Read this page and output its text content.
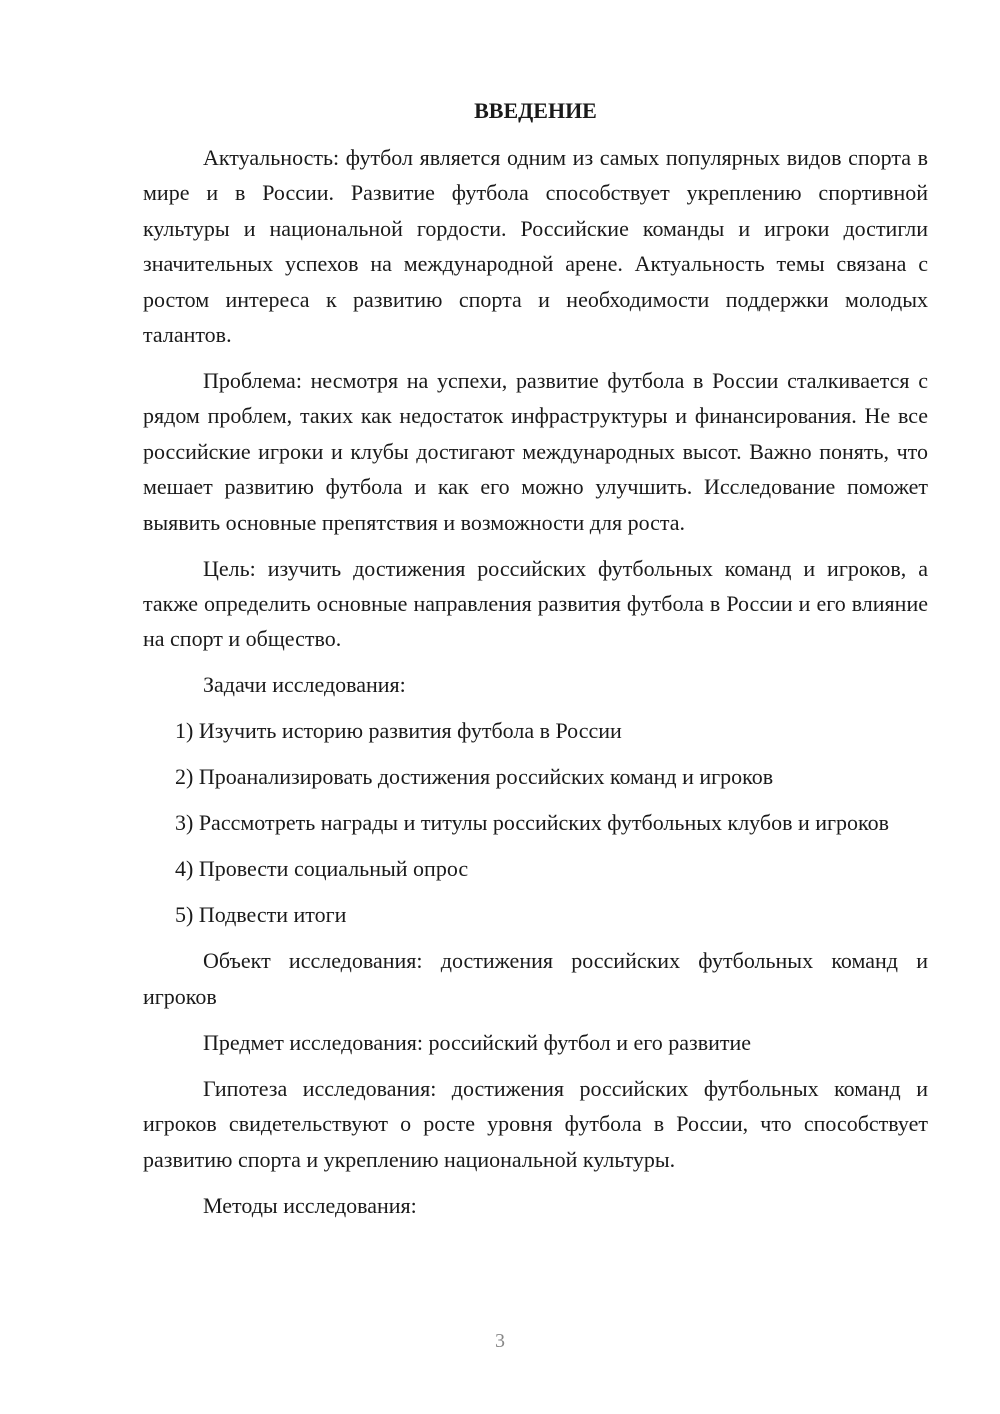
ВВЕДЕНИЕ

Актуальность: футбол является одним из самых популярных видов спорта в мире и в России. Развитие футбола способствует укреплению спортивной культуры и национальной гордости. Российские команды и игроки достигли значительных успехов на международной арене. Актуальность темы связана с ростом интереса к развитию спорта и необходимости поддержки молодых талантов.

Проблема: несмотря на успехи, развитие футбола в России сталкивается с рядом проблем, таких как недостаток инфраструктуры и финансирования. Не все российские игроки и клубы достигают международных высот. Важно понять, что мешает развитию футбола и как его можно улучшить. Исследование поможет выявить основные препятствия и возможности для роста.

Цель: изучить достижения российских футбольных команд и игроков, а также определить основные направления развития футбола в России и его влияние на спорт и общество.

Задачи исследования:

1) Изучить историю развития футбола в России

2) Проанализировать достижения российских команд и игроков

3) Рассмотреть награды и титулы российских футбольных клубов и игроков

4) Провести социальный опрос

5) Подвести итоги

Объект исследования: достижения российских футбольных команд и игроков

Предмет исследования: российский футбол и его развитие

Гипотеза исследования: достижения российских футбольных команд и игроков свидетельствуют о росте уровня футбола в России, что способствует развитию спорта и укреплению национальной культуры.

Методы исследования:

3
